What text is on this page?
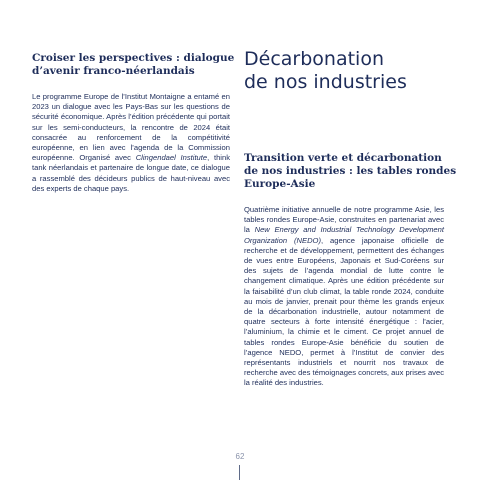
Croiser les perspectives : dialogue
d’avenir franco-néerlandais

Le programme Europe de l’Institut Montaigne a entamé en 2023 un dialogue avec les Pays-Bas sur les questions de sécurité économique. Après l’édition précédente qui portait sur les semi-conducteurs, la rencontre de 2024 était consacrée au renforcement de la compétitivité européenne, en lien avec l’agenda de la Commission européenne. Organisé avec Clingendael Institute, think tank néerlandais et partenaire de longue date, ce dialogue a rassemblé des décideurs publics de haut-niveau avec des experts de chaque pays.

Décarbonation
de nos industries
Transition verte et décarbonation
de nos industries : les tables rondes
Europe-Asie

Quatrième initiative annuelle de notre programme Asie, les tables rondes Europe-Asie, construites en partenariat avec la New Energy and Industrial Technology Development Organization (NEDO), agence japonaise officielle de recherche et de développement, permettent des échanges de vues entre Européens, Japonais et Sud-Coréens sur des sujets de l’agenda mondial de lutte contre le changement climatique. Après une édition précédente sur la faisabilité d’un club climat, la table ronde 2024, conduite au mois de janvier, prenait pour thème les grands enjeux de la décarbonation industrielle, autour notamment de quatre secteurs à forte intensité énergétique : l’acier, l’aluminium, la chimie et le ciment. Ce projet annuel de tables rondes Europe-Asie bénéficie du soutien de l’agence NEDO, permet à l’Institut de convier des représentants industriels et nourrit nos travaux de recherche avec des témoignages concrets, aux prises avec la réalité des industries.

62
